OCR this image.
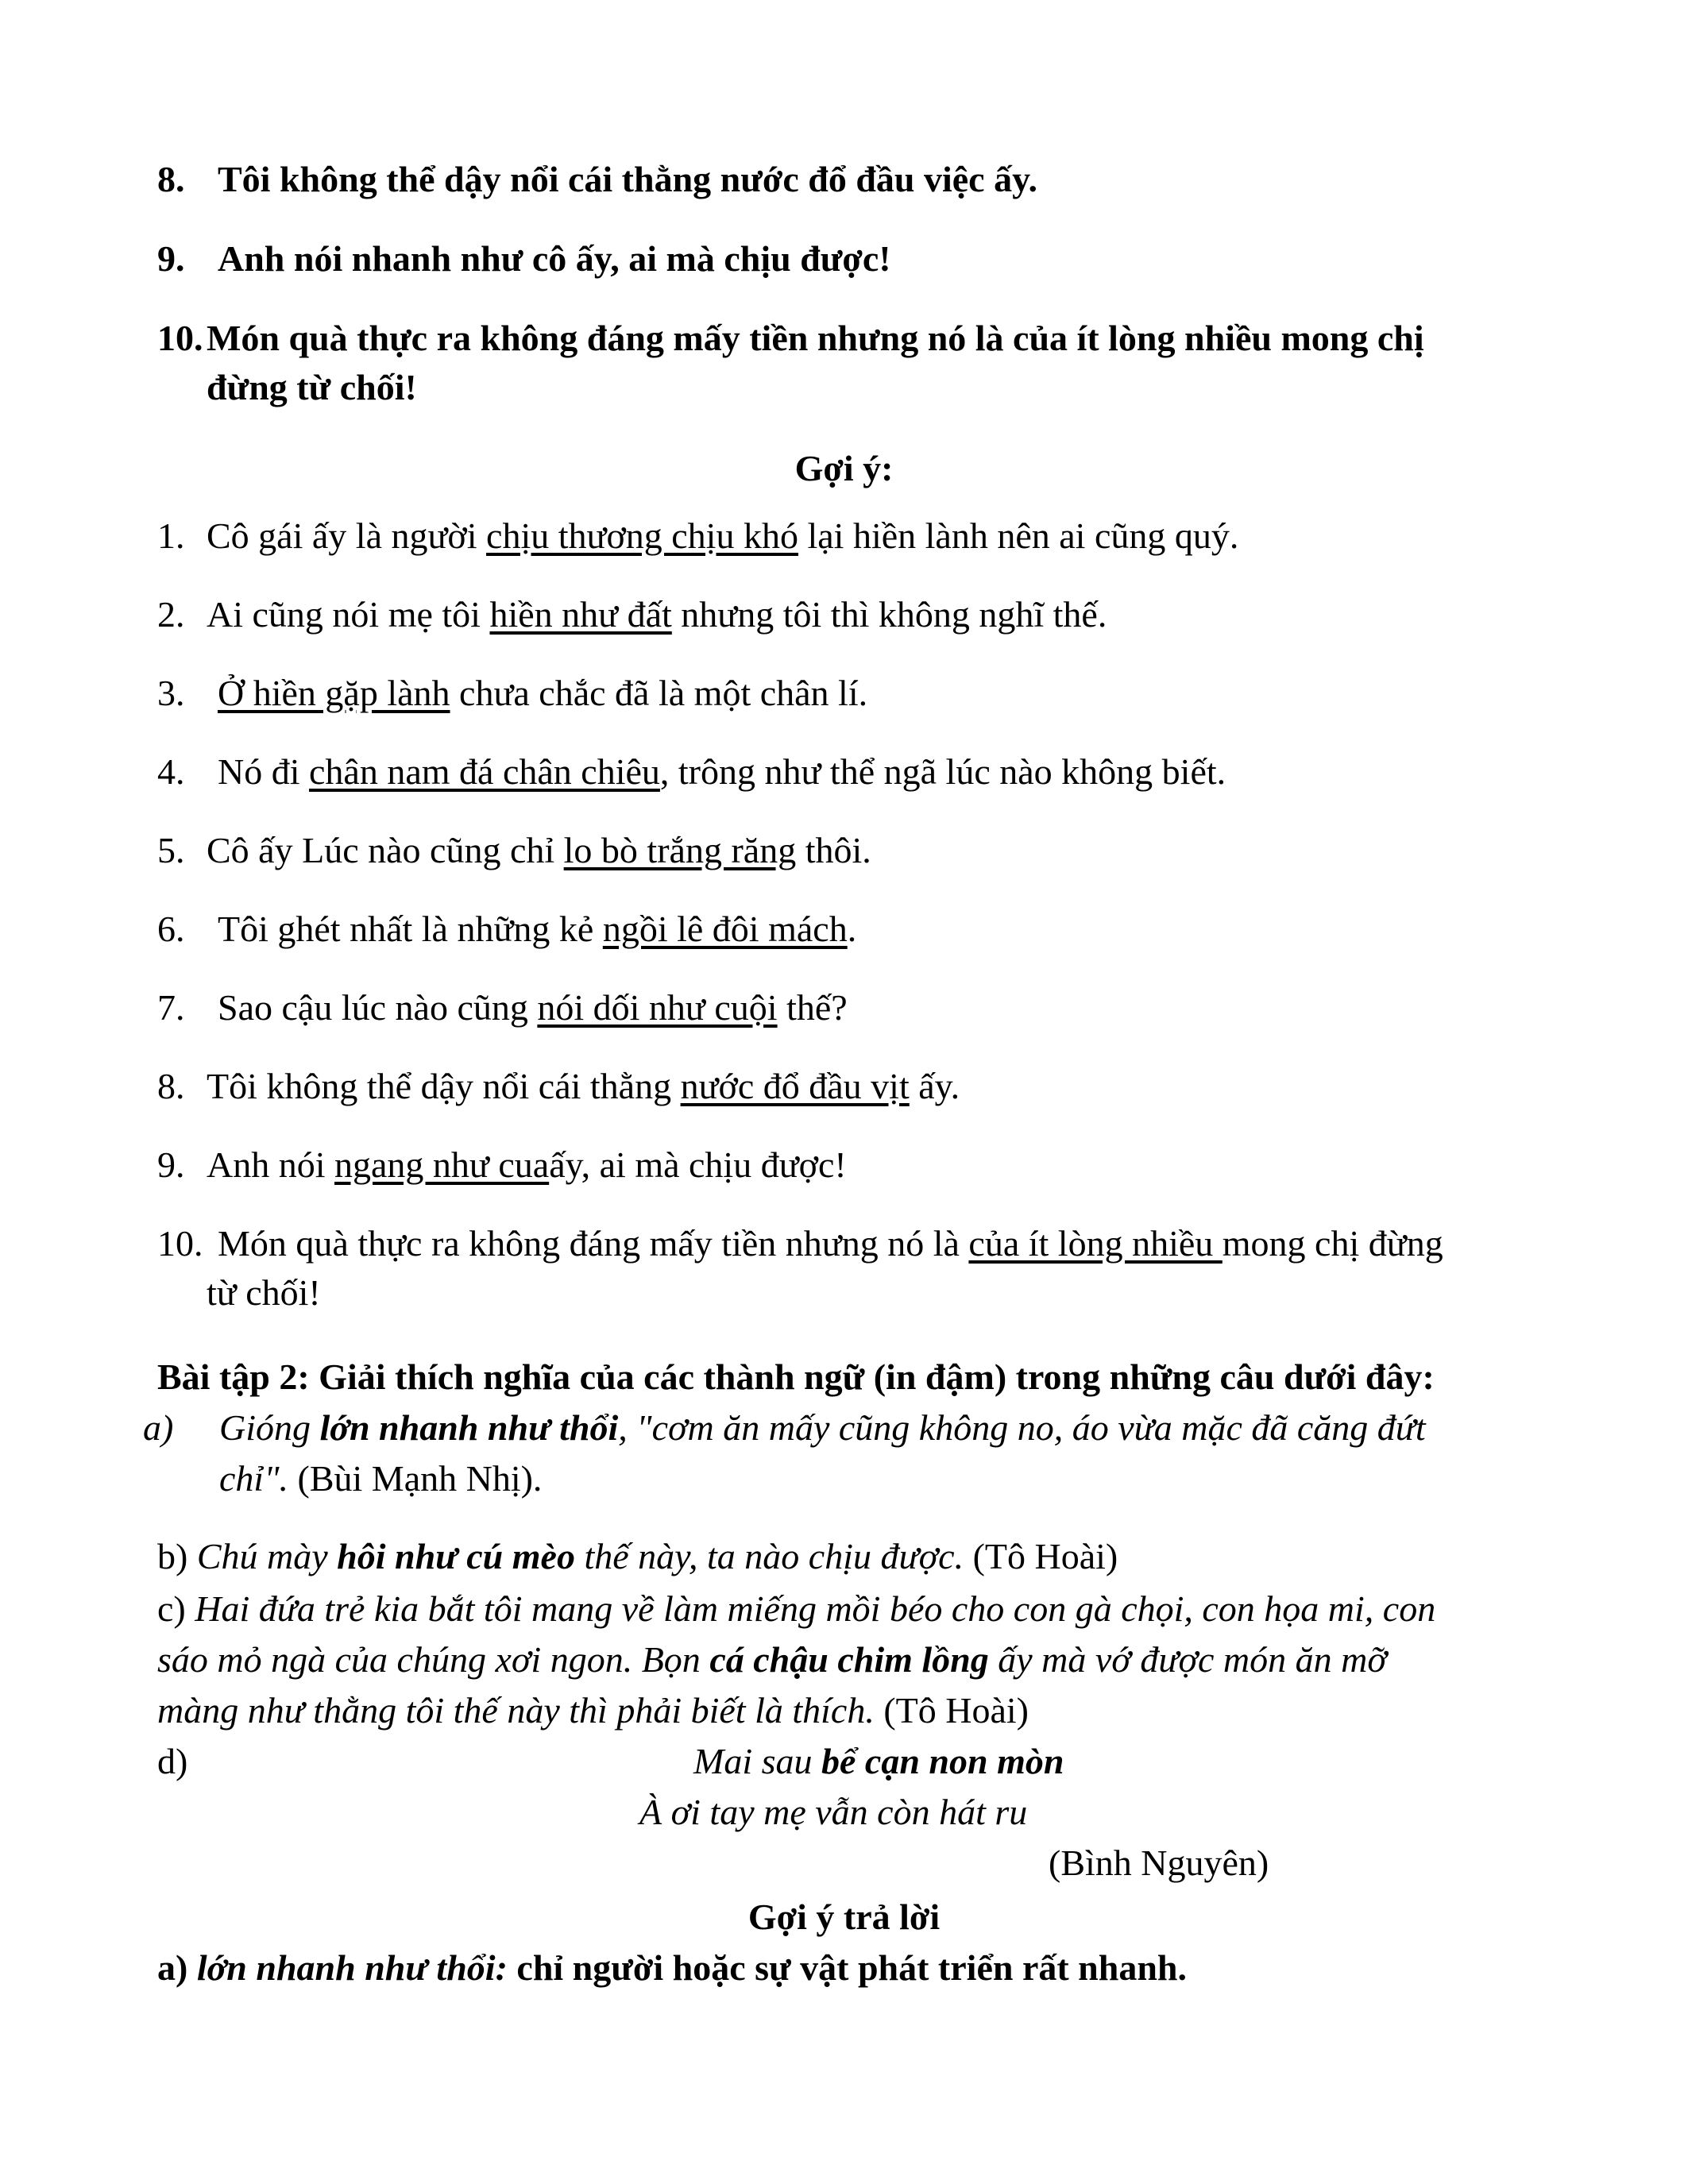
8. Tôi không thể dậy nổi cái thằng nước đổ đầu việc ấy.
9. Anh nói nhanh như cô ấy, ai mà chịu được!
10.Món quà thực ra không đáng mấy tiền nhưng nó là của ít lòng nhiều mong chị
đừng từ chối!
Gợi ý:
1. Cô gái ấy là người chịu thương chịu khó lại hiền lành nên ai cũng quý.
2. Ai cũng nói mẹ tôi hiền như đất nhưng tôi thì không nghĩ thế.
3. Ở hiền gặp lành chưa chắc đã là một chân lí.
4. Nó đi chân nam đá chân chiêu, trông như thể ngã lúc nào không biết.
5. Cô ấy Lúc nào cũng chỉ lo bò trắng răng thôi.
6. Tôi ghét nhất là những kẻ ngồi lê đôi mách.
7. Sao cậu lúc nào cũng nói dối như cuội thế?
8. Tôi không thể dậy nổi cái thằng nước đổ đầu vịt ấy.
9. Anh nói ngang như cuaấy, ai mà chịu được!
10. Món quà thực ra không đáng mấy tiền nhưng nó là của ít lòng nhiều mong chị đừng
từ chối!
Bài tập 2: Giải thích nghĩa của các thành ngữ (in đậm) trong những câu dưới đây:
a) Gióng lớn nhanh như thổi, "cơm ăn mấy cũng không no, áo vừa mặc đã căng đứt
chỉ". (Bùi Mạnh Nhị).
b) Chú mày hôi như cú mèo thế này, ta nào chịu được. (Tô Hoài)
c) Hai đứa trẻ kia bắt tôi mang về làm miếng mồi béo cho con gà chọi, con họa mi, con
sáo mỏ ngà của chúng xơi ngon. Bọn cá chậu chim lồng ấy mà vớ được món ăn mỡ
màng như thằng tôi thế này thì phải biết là thích. (Tô Hoài)
d)	Mai sau bể cạn non mòn
À ơi tay mẹ vẫn còn hát ru
(Bình Nguyên)
Gợi ý trả lời
a) lớn nhanh như thổi: chỉ người hoặc sự vật phát triển rất nhanh.
